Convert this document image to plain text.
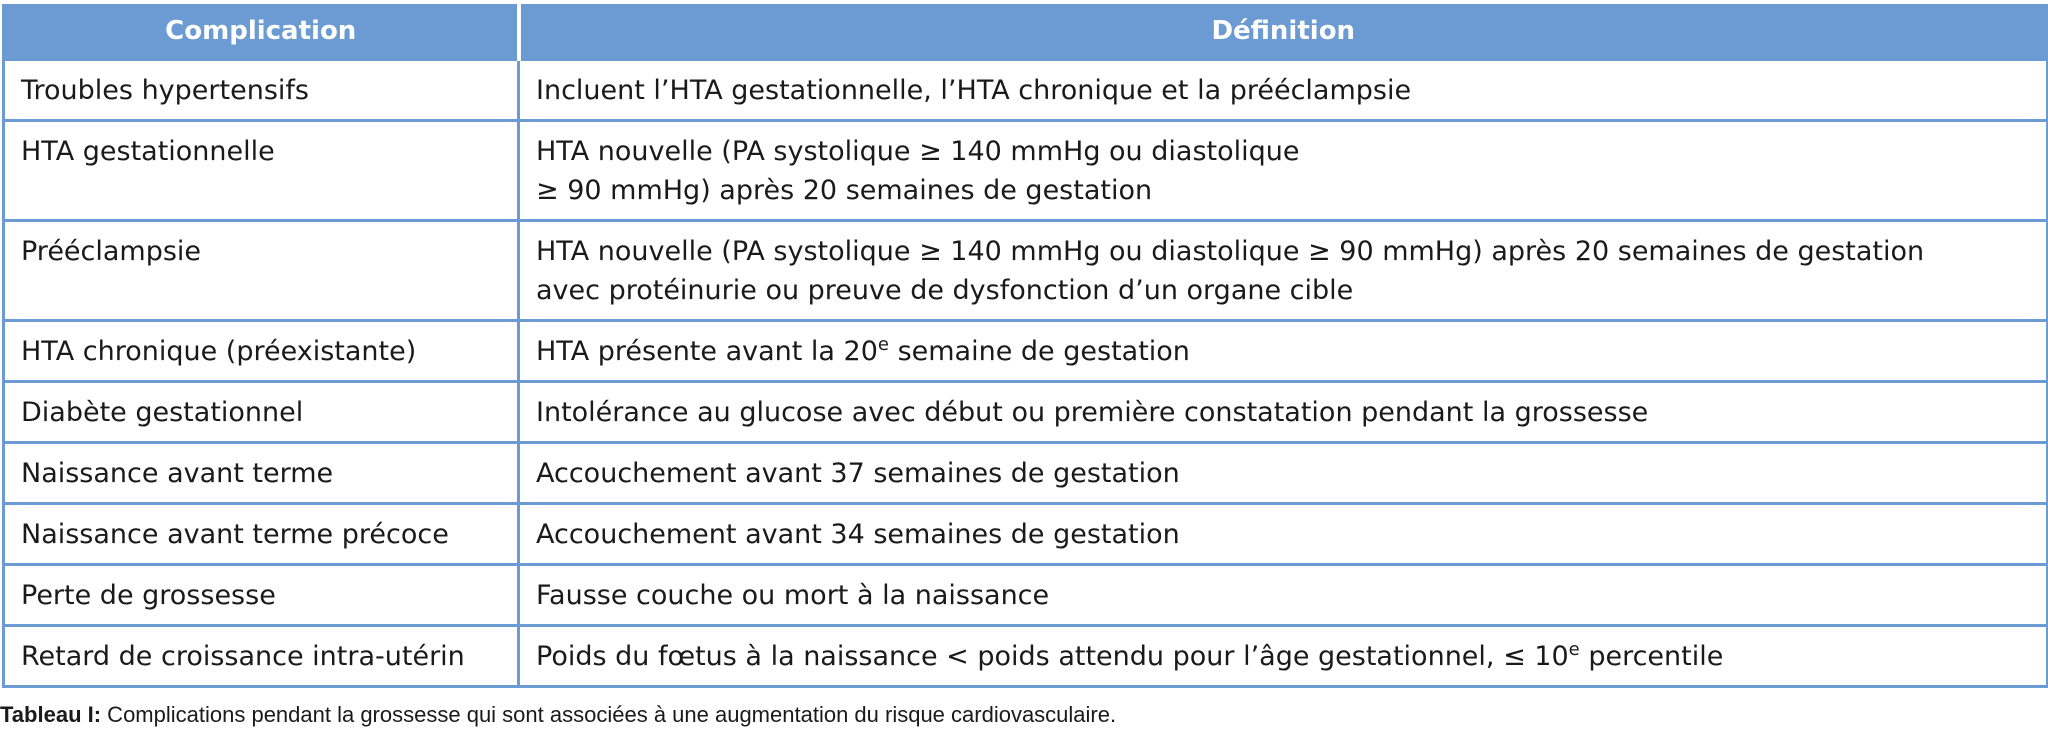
Complication	Définition
Troubles hypertensifs	Incluent l’HTA gestationnelle, l’HTA chronique et la prééclampsie
HTA gestationnelle	HTA nouvelle (PA systolique ≥ 140 mmHg ou diastolique
≥ 90 mmHg) après 20 semaines de gestation
Prééclampsie	HTA nouvelle (PA systolique ≥ 140 mmHg ou diastolique ≥ 90 mmHg) après 20 semaines de gestation
avec protéinurie ou preuve de dysfonction d’un organe cible
HTA chronique (préexistante)	HTA présente avant la 20e semaine de gestation
Diabète gestationnel	Intolérance au glucose avec début ou première constatation pendant la grossesse
Naissance avant terme	Accouchement avant 37 semaines de gestation
Naissance avant terme précoce	Accouchement avant 34 semaines de gestation
Perte de grossesse	Fausse couche ou mort à la naissance
Retard de croissance intra-utérin	Poids du fœtus à la naissance < poids attendu pour l’âge gestationnel, ≤ $10^e$ percentile
Tableau I: Complications pendant la grossesse qui sont associées à une augmentation du risque cardiovasculaire.
